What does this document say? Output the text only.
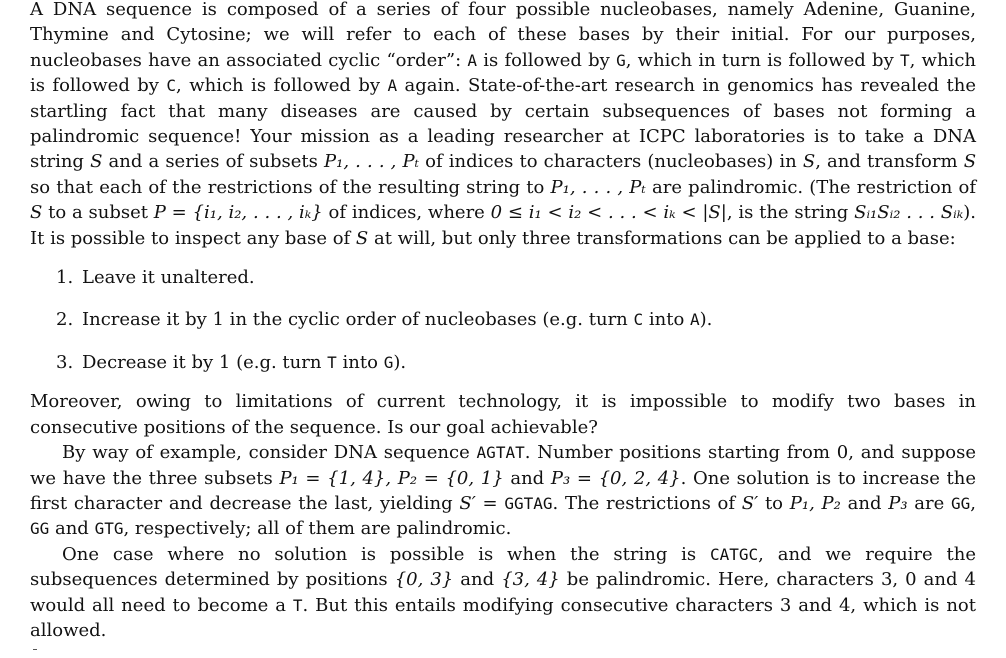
A DNA sequence is composed of a series of four possible nucleobases, namely Adenine, Guanine, Thymine and Cytosine; we will refer to each of these bases by their initial. For our purposes, nucleobases have an associated cyclic “order”: A is followed by G, which in turn is followed by T, which is followed by C, which is followed by A again. State-of-the-art research in genomics has revealed the startling fact that many diseases are caused by certain subsequences of bases not forming a palindromic sequence! Your mission as a leading researcher at ICPC laboratories is to take a DNA string S and a series of subsets P₁, . . . , Pₜ of indices to characters (nucleobases) in S, and transform S so that each of the restrictions of the resulting string to P₁, . . . , Pₜ are palindromic. (The restriction of S to a subset P = {i₁, i₂, . . . , iₖ} of indices, where 0 ≤ i₁ < i₂ < . . . < iₖ < |S|, is the string Sᵢ₁Sᵢ₂ . . . Sᵢₖ). It is possible to inspect any base of S at will, but only three transformations can be applied to a base:

1. Leave it unaltered.
2. Increase it by 1 in the cyclic order of nucleobases (e.g. turn C into A).
3. Decrease it by 1 (e.g. turn T into G).

Moreover, owing to limitations of current technology, it is impossible to modify two bases in consecutive positions of the sequence. Is our goal achievable?

By way of example, consider DNA sequence AGTAT. Number positions starting from 0, and suppose we have the three subsets P₁ = {1, 4}, P₂ = {0, 1} and P₃ = {0, 2, 4}. One solution is to increase the first character and decrease the last, yielding S′ = GGTAG. The restrictions of S′ to P₁, P₂ and P₃ are GG, GG and GTG, respectively; all of them are palindromic.

One case where no solution is possible is when the string is CATGC, and we require the subsequences determined by positions {0, 3} and {3, 4} be palindromic. Here, characters 3, 0 and 4 would all need to become a T. But this entails modifying consecutive characters 3 and 4, which is not allowed.
